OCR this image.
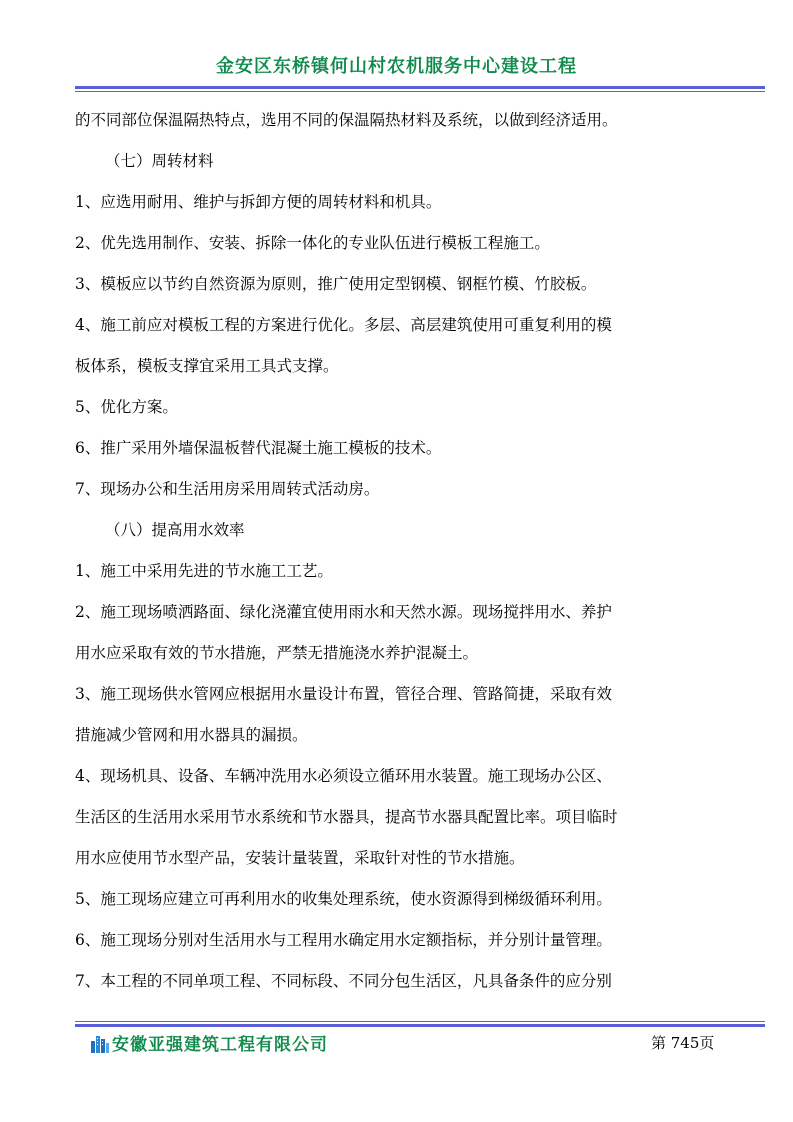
金安区东桥镇何山村农机服务中心建设工程
的不同部位保温隔热特点，选用不同的保温隔热材料及系统，以做到经济适用。
（七）周转材料
1、应选用耐用、维护与拆卸方便的周转材料和机具。
2、优先选用制作、安装、拆除一体化的专业队伍进行模板工程施工。
3、模板应以节约自然资源为原则，推广使用定型钢模、钢框竹模、竹胶板。
4、施工前应对模板工程的方案进行优化。多层、高层建筑使用可重复利用的模
板体系，模板支撑宜采用工具式支撑。
5、优化方案。
6、推广采用外墙保温板替代混凝土施工模板的技术。
7、现场办公和生活用房采用周转式活动房。
（八）提高用水效率
1、施工中采用先进的节水施工工艺。
2、施工现场喷洒路面、绿化浇灌宜使用雨水和天然水源。现场搅拌用水、养护
用水应采取有效的节水措施，严禁无措施浇水养护混凝土。
3、施工现场供水管网应根据用水量设计布置，管径合理、管路简捷，采取有效
措施减少管网和用水器具的漏损。
4、现场机具、设备、车辆冲洗用水必须设立循环用水装置。施工现场办公区、
生活区的生活用水采用节水系统和节水器具，提高节水器具配置比率。项目临时
用水应使用节水型产品，安装计量装置，采取针对性的节水措施。
5、施工现场应建立可再利用水的收集处理系统，使水资源得到梯级循环利用。
6、施工现场分别对生活用水与工程用水确定用水定额指标，并分别计量管理。
7、本工程的不同单项工程、不同标段、不同分包生活区，凡具备条件的应分别
安徽亚强建筑工程有限公司	第 745页
